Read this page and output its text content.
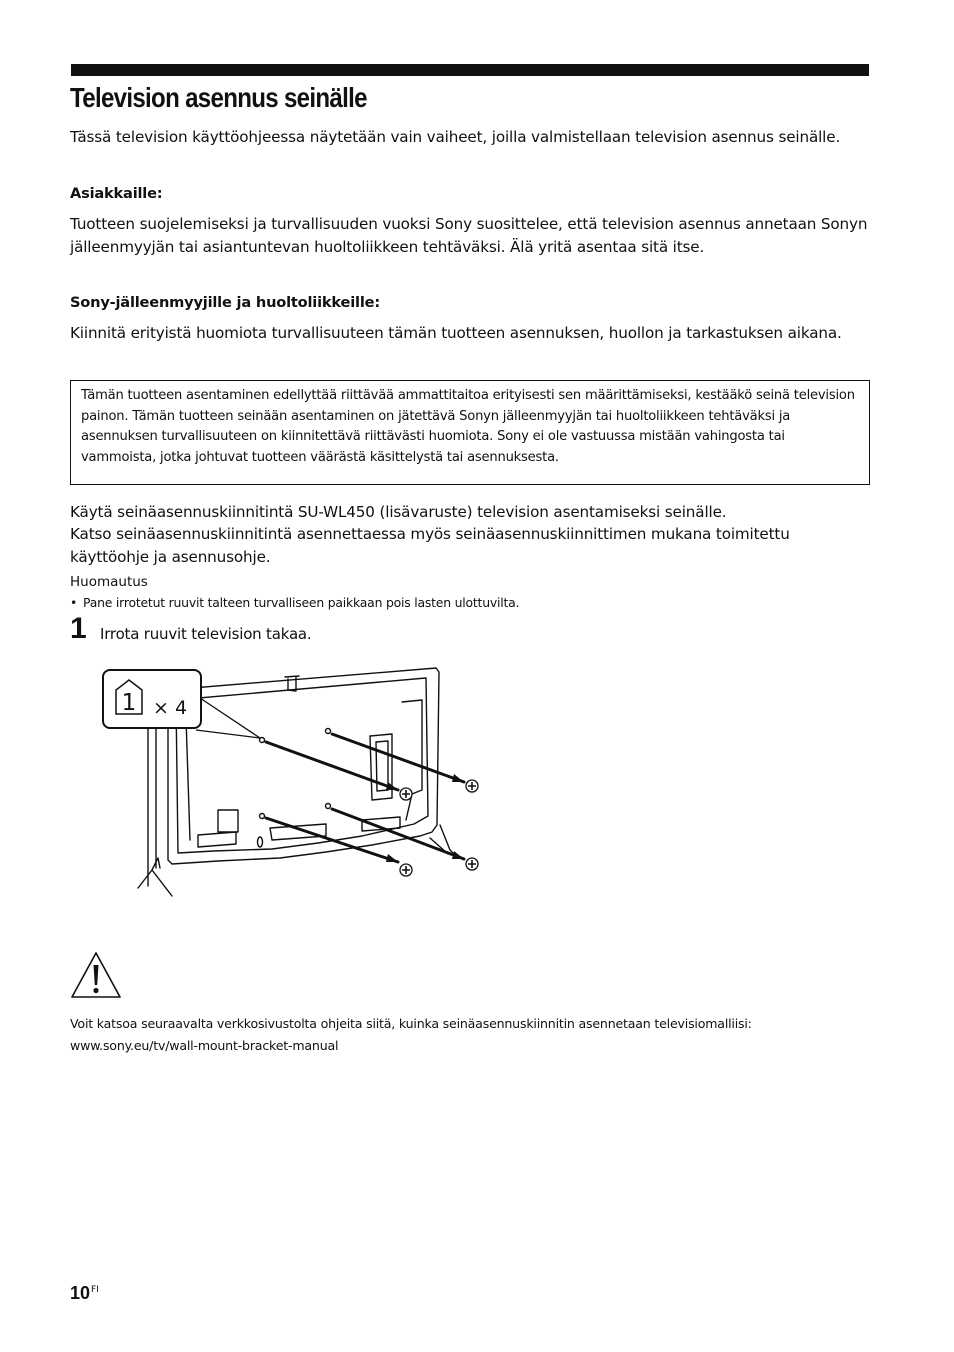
Television asennus seinälle

Tässä television käyttöohjeessa näytetään vain vaiheet, joilla valmistellaan television asennus seinälle.

Asiakkaille:

Tuotteen suojelemiseksi ja turvallisuuden vuoksi Sony suosittelee, että television asennus annetaan Sonyn jälleenmyyjän tai asiantuntevan huoltoliikkeen tehtäväksi. Älä yritä asentaa sitä itse.

Sony-jälleenmyyjille ja huoltoliikkeille:

Kiinnitä erityistä huomiota turvallisuuteen tämän tuotteen asennuksen, huollon ja tarkastuksen aikana.

Tämän tuotteen asentaminen edellyttää riittävää ammattitaitoa erityisesti sen määrittämiseksi, kestääkö seinä television painon. Tämän tuotteen seinään asentaminen on jätettävä Sonyn jälleenmyyjän tai huoltoliikkeen tehtäväksi ja asennuksen turvallisuuteen on kiinnitettävä riittävästi huomiota. Sony ei ole vastuussa mistään vahingosta tai vammoista, jotka johtuvat tuotteen väärästä käsittelystä tai asennuksesta.

Käytä seinäasennuskiinnitintä SU-WL450 (lisävaruste) television asentamiseksi seinälle.

Katso seinäasennuskiinnitintä asennettaessa myös seinäasennuskiinnittimen mukana toimitettu käyttöohje ja asennusohje.

Huomautus

• Pane irrotetut ruuvit talteen turvalliseen paikkaan pois lasten ulottuvilta.

1 Irrota ruuvit television takaa.

1 × 4

Voit katsoa seuraavalta verkkosivustolta ohjeita siitä, kuinka seinäasennuskiinnitin asennetaan televisiomalliisi:
www.sony.eu/tv/wall-mount-bracket-manual

$10^{FI}$
